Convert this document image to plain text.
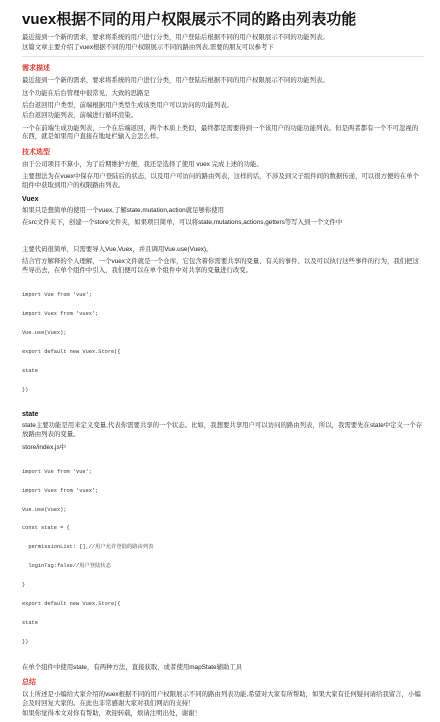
vuex根据不同的用户权限展示不同的路由列表功能

最近接到一个新的需求，要求将系统的用户进行分类，用户登陆后根据不同的用户权限展示不同的功能列表。

这篇文章主要介绍了vuex根据不同的用户权限展示不同的路由列表,需要的朋友可以参考下

需求描述

最近接到一个新的需求，要求将系统的用户进行分类，用户登陆后根据不同的用户权限展示不同的功能列表。

这个功能在后台管理中很常见，大致的思路是

后台返回用户类型，前端根据用户类型生成该类用户可以访问的功能列表。

后台返回功能列表，前端进行循环渲染。

一个在前端生成功能列表，一个在后端返回，两个本质上类似，最终都是需要得到一个该用户的功能功能列表。但是两者都有一个不可忽视的东西，就是如果用户直接在地址栏输入会怎么样。

技术选型

由于公司项目不算小，为了后期维护方便，我还是选择了使用 vuex 完成上述的功能。

主要想法为在vuex中保存用户登陆后的状态，以及用户可访问的路由列表，这样的话，不涉及到父子组件间的数据传递，可以很方便的在单个组件中获取到用户的权限路由列表。

Vuex

如果只是想简单的使用一个vuex,了解state,mutation,action就足够你使用

在src文件夹下，创建一个store文件夹，如果项目简单，可以将state,mutations,actions,getters等写入到一个文件中

主要代码很简单，只需要导入Vue,Vuex，并且调用Vue.use(Vuex)。

结合官方解释的个人理解，一个vuex文件就是一个仓库，它包含着你需要共享的变量、有关的事件、以及可以执行这些事件的行为，我们把这些导出去，在单个组件中引入，我们便可以在单个组件中对共享的变量进行改变。

import Vue from 'vue';

import Vuex from 'vuex';

Vue.use(Vuex);

export default new Vuex.Store({

state

})

state

state主要功能是用来定义变量,代表你需要共享的一个状态。比如，我想要共享用户可以访问的路由列表，所以，我需要先在state中定义一个存放路由列表的变量。

store/index.js中

import Vue from 'vue';

import Vuex from 'vuex';

Vue.use(Vuex);

const state = {

permissionList: [],//用户允许登陆的路由列表

loginTag:false//用户登陆状态

}

export default new Vuex.Store({

state

})

在单个组件中使用state，有两种方法，直接获取，或者使用mapState辅助工具

总结

以上所述是小编给大家介绍的vuex根据不同的用户权限展示不同的路由列表功能,希望对大家有所帮助，如果大家有任何疑问请给我留言，小编会及时回复大家的。在此也非常感谢大家对我们网站的支持！

如果你觉得本文对你有帮助，欢迎转载，烦请注明出处，谢谢！
